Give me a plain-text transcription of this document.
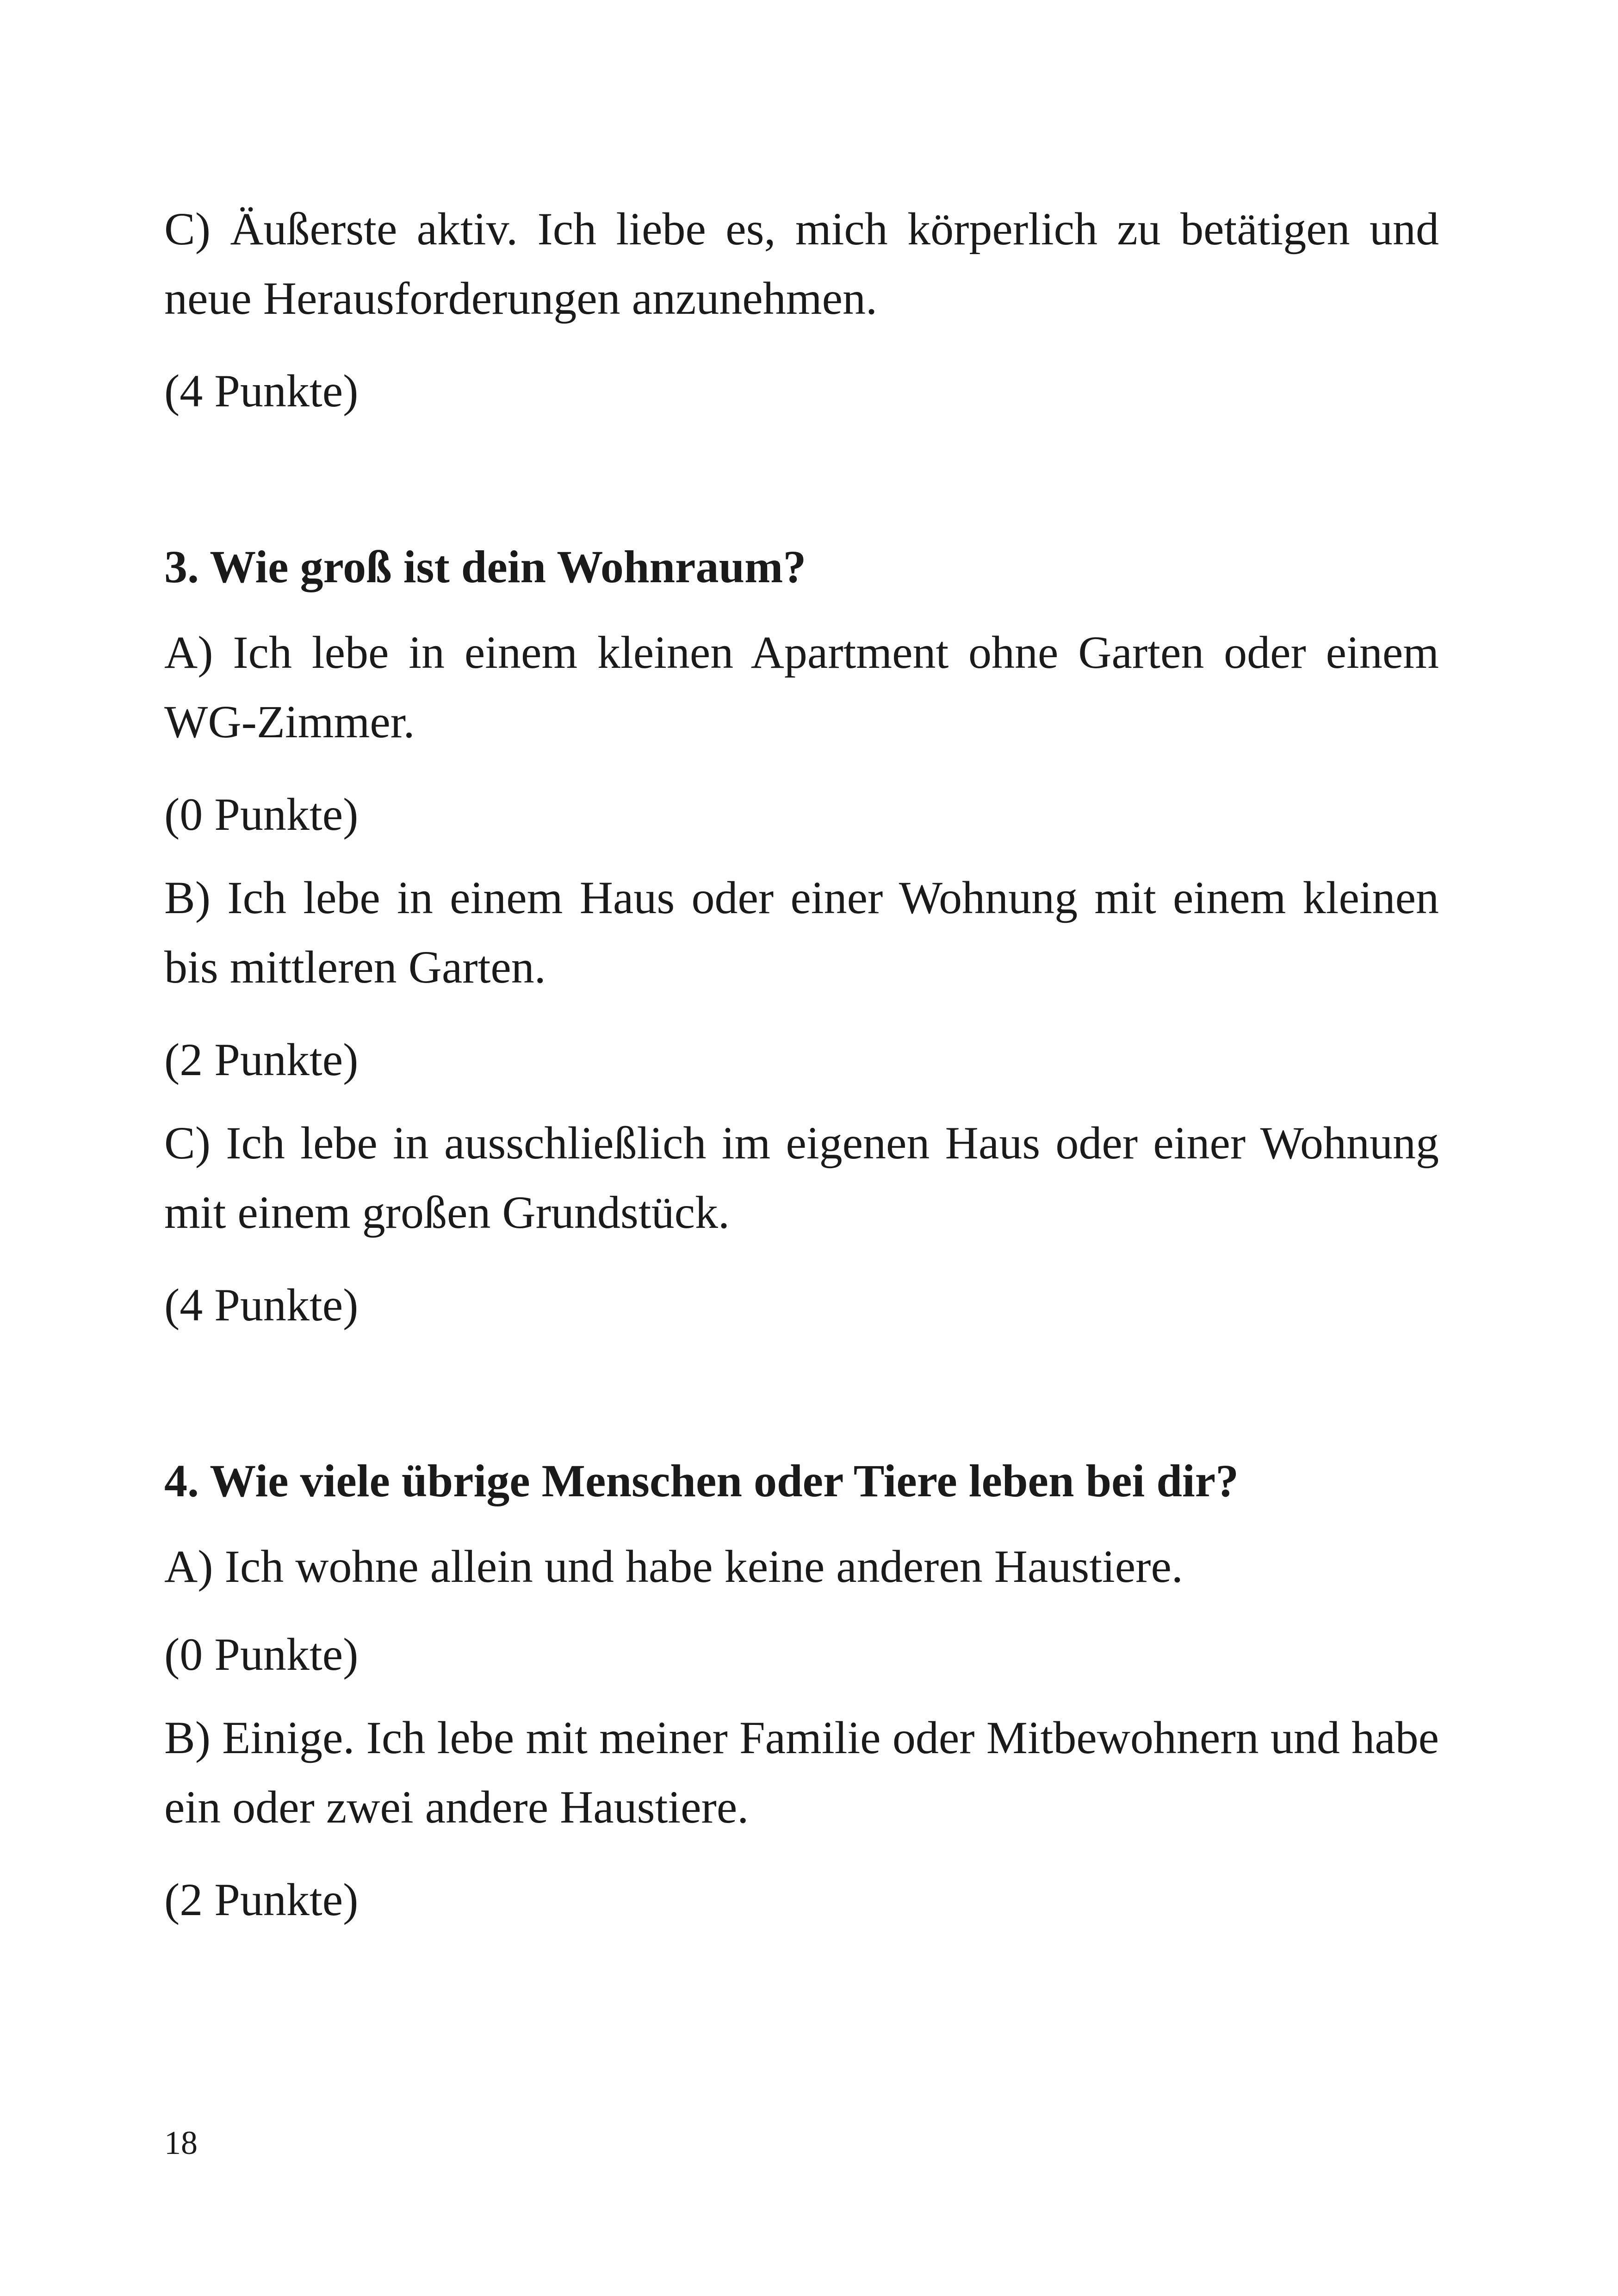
C) Äußerste aktiv. Ich liebe es, mich körperlich zu betätigen und neue Herausforderungen anzunehmen.

(4 Punkte)

3. Wie groß ist dein Wohnraum?

A) Ich lebe in einem kleinen Apartment ohne Garten oder einem WG-Zimmer.

(0 Punkte)

B) Ich lebe in einem Haus oder einer Wohnung mit einem kleinen bis mittleren Garten.

(2 Punkte)

C) Ich lebe in ausschließlich im eigenen Haus oder einer Wohnung mit einem großen Grundstück.

(4 Punkte)

4. Wie viele übrige Menschen oder Tiere leben bei dir?

A) Ich wohne allein und habe keine anderen Haustiere.

(0 Punkte)

B) Einige. Ich lebe mit meiner Familie oder Mitbewohnern und habe ein oder zwei andere Haustiere.

(2 Punkte)

18
